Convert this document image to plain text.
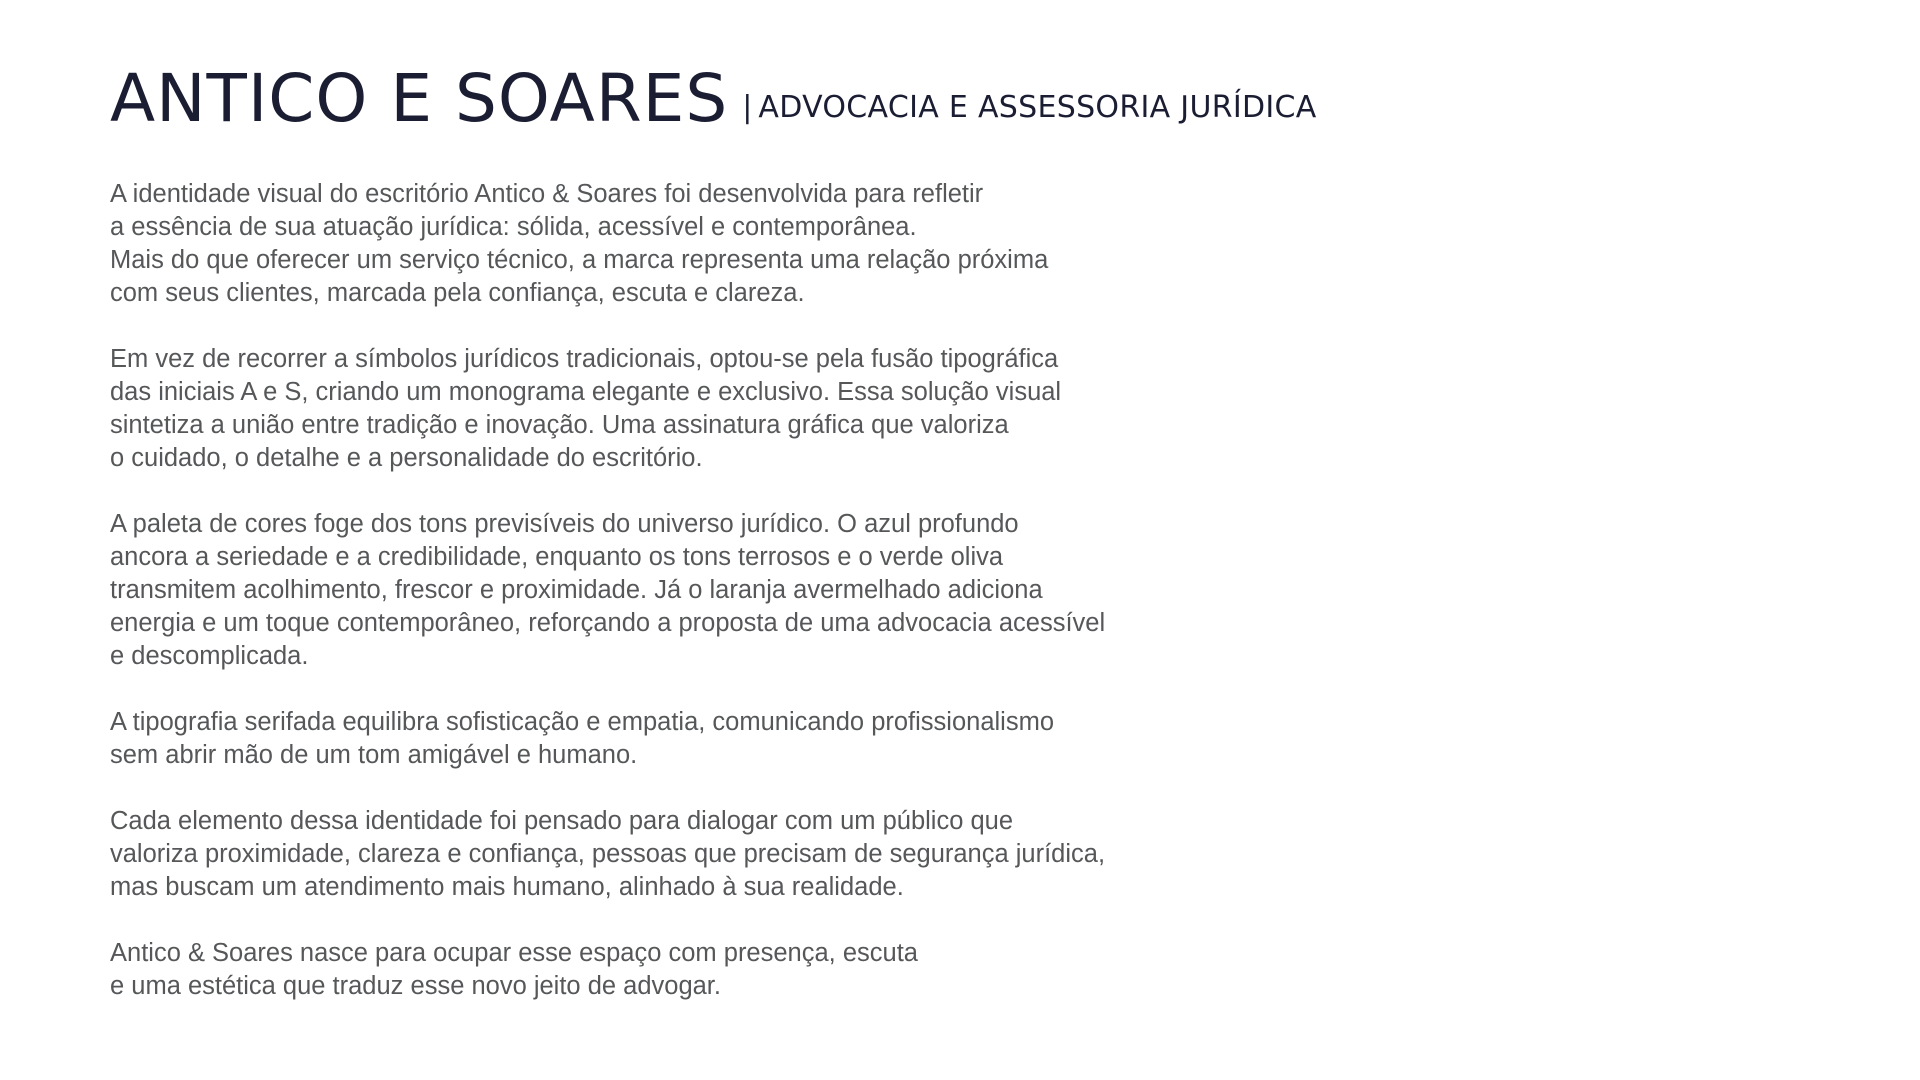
ANTICO E SOARES | ADVOCACIA E ASSESSORIA JURÍDICA

A identidade visual do escritório Antico & Soares foi desenvolvida para refletir
a essência de sua atuação jurídica: sólida, acessível e contemporânea.
Mais do que oferecer um serviço técnico, a marca representa uma relação próxima
com seus clientes, marcada pela confiança, escuta e clareza.

Em vez de recorrer a símbolos jurídicos tradicionais, optou-se pela fusão tipográfica
das iniciais A e S, criando um monograma elegante e exclusivo. Essa solução visual
sintetiza a união entre tradição e inovação. Uma assinatura gráfica que valoriza
o cuidado, o detalhe e a personalidade do escritório.

A paleta de cores foge dos tons previsíveis do universo jurídico. O azul profundo
ancora a seriedade e a credibilidade, enquanto os tons terrosos e o verde oliva
transmitem acolhimento, frescor e proximidade. Já o laranja avermelhado adiciona
energia e um toque contemporâneo, reforçando a proposta de uma advocacia acessível
e descomplicada.

A tipografia serifada equilibra sofisticação e empatia, comunicando profissionalismo
sem abrir mão de um tom amigável e humano.

Cada elemento dessa identidade foi pensado para dialogar com um público que
valoriza proximidade, clareza e confiança, pessoas que precisam de segurança jurídica,
mas buscam um atendimento mais humano, alinhado à sua realidade.

Antico & Soares nasce para ocupar esse espaço com presença, escuta
e uma estética que traduz esse novo jeito de advogar.
